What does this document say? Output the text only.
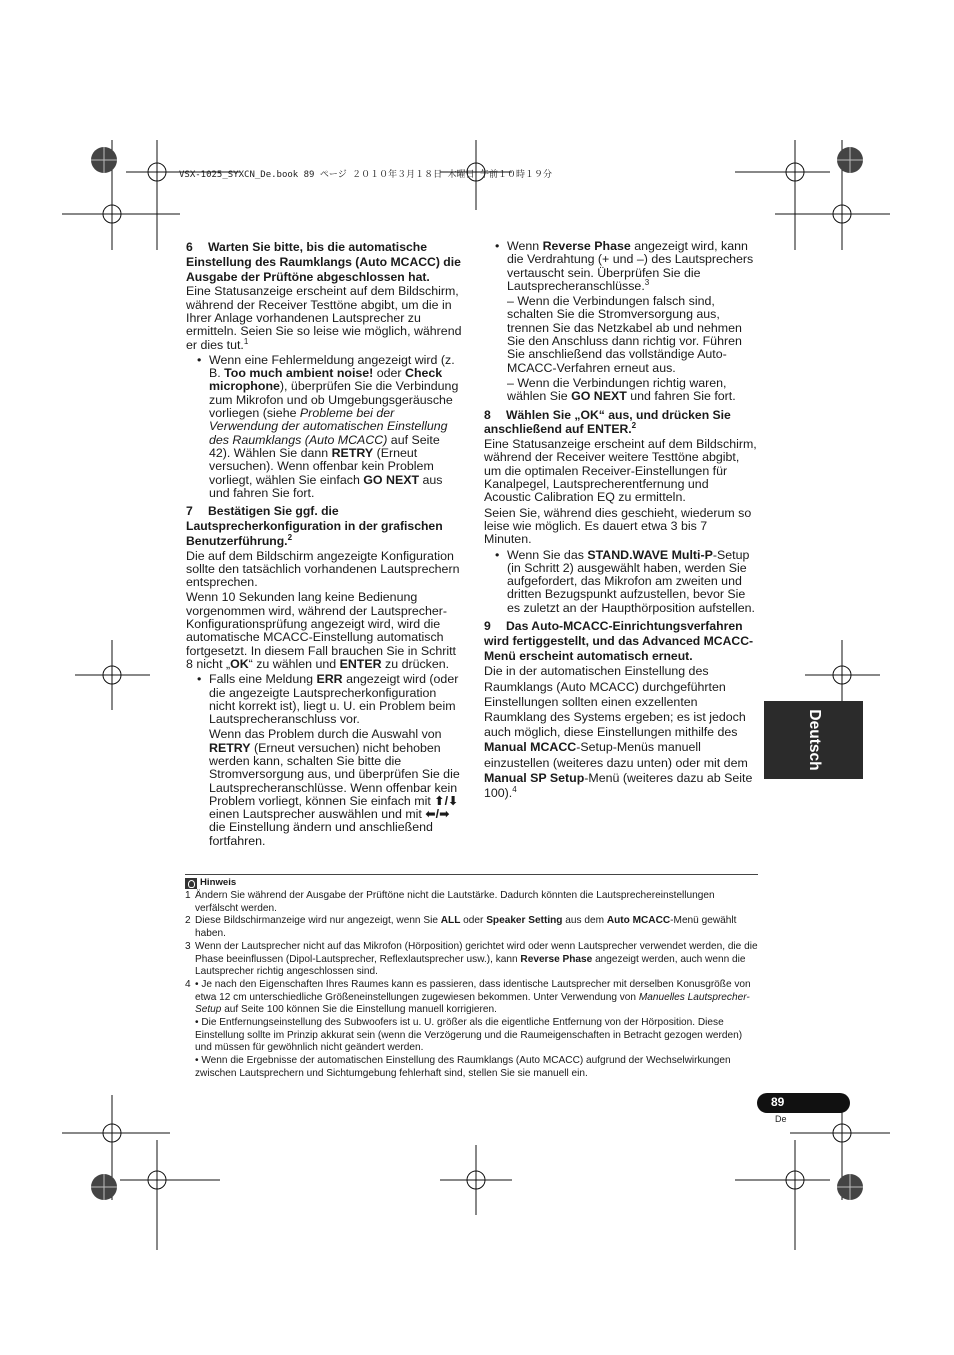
VSX-1025_SYXCN_De.book 89 ページ ２０１０年３月１８日 木曜日 午前１０時１９分
6 Warten Sie bitte, bis die automatische Einstellung des Raumklangs (Auto MCACC) die Ausgabe der Prüftöne abgeschlossen hat.

Eine Statusanzeige erscheint auf dem Bildschirm, während der Receiver Testtöne abgibt, um die in Ihrer Anlage vorhandenen Lautsprecher zu ermitteln. Seien Sie so leise wie möglich, während er dies tut.$^1$

• Wenn eine Fehlermeldung angezeigt wird (z. B. Too much ambient noise! oder Check microphone), überprüfen Sie die Verbindung zum Mikrofon und ob Umgebungsgeräusche vorliegen (siehe Probleme bei der Verwendung der automatischen Einstellung des Raumklangs (Auto MCACC) auf Seite 42). Wählen Sie dann RETRY (Erneut versuchen). Wenn offenbar kein Problem vorliegt, wählen Sie einfach GO NEXT aus und fahren Sie fort.

7 Bestätigen Sie ggf. die Lautsprecherkonfiguration in der grafischen Benutzerführung.$^2$

Die auf dem Bildschirm angezeigte Konfiguration sollte den tatsächlich vorhandenen Lautsprechern entsprechen.

Wenn 10 Sekunden lang keine Bedienung vorgenommen wird, während der Lautsprecher-Konfigurationsprüfung angezeigt wird, wird die automatische MCACC-Einstellung automatisch fortgesetzt. In diesem Fall brauchen Sie in Schritt 8 nicht „OK“ zu wählen und ENTER zu drücken.

• Falls eine Meldung ERR angezeigt wird (oder die angezeigte Lautsprecherkonfiguration nicht korrekt ist), liegt u. U. ein Problem beim Lautsprecheranschluss vor.

Wenn das Problem durch die Auswahl von RETRY (Erneut versuchen) nicht behoben werden kann, schalten Sie bitte die Stromversorgung aus, und überprüfen Sie die Lautsprecheranschlüsse. Wenn offenbar kein Problem vorliegt, können Sie einfach mit ⬆/⬇ einen Lautsprecher auswählen und mit ⬅/➡ die Einstellung ändern und anschließend fortfahren.

• Wenn Reverse Phase angezeigt wird, kann die Verdrahtung (+ und –) des Lautsprechers vertauscht sein. Überprüfen Sie die Lautsprecheranschlüsse.$^3$

– Wenn die Verbindungen falsch sind, schalten Sie die Stromversorgung aus, trennen Sie das Netzkabel ab und nehmen Sie den Anschluss dann richtig vor. Führen Sie anschließend das vollständige Auto-MCACC-Verfahren erneut aus.

– Wenn die Verbindungen richtig waren, wählen Sie GO NEXT und fahren Sie fort.

8 Wählen Sie „OK“ aus, und drücken Sie anschließend auf ENTER.$^2$

Eine Statusanzeige erscheint auf dem Bildschirm, während der Receiver weitere Testtöne abgibt, um die optimalen Receiver-Einstellungen für Kanalpegel, Lautsprecherentfernung und Acoustic Calibration EQ zu ermitteln.

Seien Sie, während dies geschieht, wiederum so leise wie möglich. Es dauert etwa 3 bis 7 Minuten.

• Wenn Sie das STAND.WAVE Multi-P-Setup (in Schritt 2) ausgewählt haben, werden Sie aufgefordert, das Mikrofon am zweiten und dritten Bezugspunkt aufzustellen, bevor Sie es zuletzt an der Haupthörposition aufstellen.

9 Das Auto-MCACC-Einrichtungsverfahren wird fertiggestellt, und das Advanced MCACC-Menü erscheint automatisch erneut.

Die in der automatischen Einstellung des Raumklangs (Auto MCACC) durchgeführten Einstellungen sollten einen exzellenten Raumklang des Systems ergeben; es ist jedoch auch möglich, diese Einstellungen mithilfe des Manual MCACC-Setup-Menüs manuell einzustellen (weiteres dazu unten) oder mit dem Manual SP Setup-Menü (weiteres dazu ab Seite 100).$^4$

Deutsch
Hinweis
1 Ändern Sie während der Ausgabe der Prüftöne nicht die Lautstärke. Dadurch könnten die Lautsprechereinstellungen verfälscht werden.
2 Diese Bildschirmanzeige wird nur angezeigt, wenn Sie ALL oder Speaker Setting aus dem Auto MCACC-Menü gewählt haben.
3 Wenn der Lautsprecher nicht auf das Mikrofon (Hörposition) gerichtet wird oder wenn Lautsprecher verwendet werden, die die Phase beeinflussen (Dipol-Lautsprecher, Reflexlautsprecher usw.), kann Reverse Phase angezeigt werden, auch wenn die Lautsprecher richtig angeschlossen sind.
4 • Je nach den Eigenschaften Ihres Raumes kann es passieren, dass identische Lautsprecher mit derselben Konusgröße von etwa 12 cm unterschiedliche Größeneinstellungen zugewiesen bekommen. Unter Verwendung von Manuelles Lautsprecher-Setup auf Seite 100 können Sie die Einstellung manuell korrigieren.
• Die Entfernungseinstellung des Subwoofers ist u. U. größer als die eigentliche Entfernung von der Hörposition. Diese Einstellung sollte im Prinzip akkurat sein (wenn die Verzögerung und die Raumeigenschaften in Betracht gezogen werden) und müssen für gewöhnlich nicht geändert werden.
• Wenn die Ergebnisse der automatischen Einstellung des Raumklangs (Auto MCACC) aufgrund der Wechselwirkungen zwischen Lautsprechern und Sichtumgebung fehlerhaft sind, stellen Sie sie manuell ein.
89
De
